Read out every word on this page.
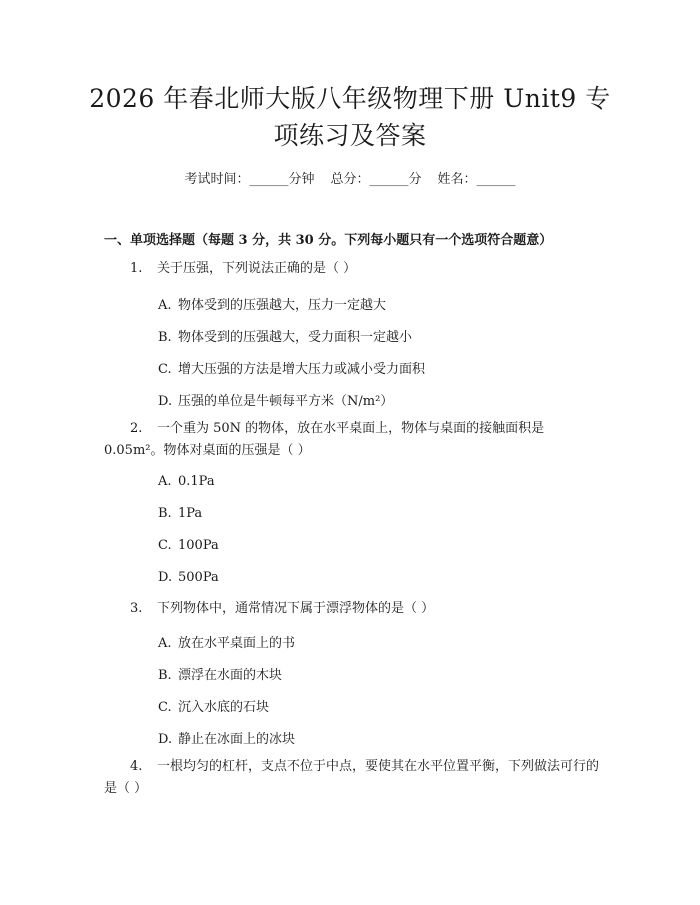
2026 年春北师大版八年级物理下册 Unit9 专项练习及答案
考试时间：______分钟 总分：______分 姓名：______
一、单项选择题（每题 3 分，共 30 分。下列每小题只有一个选项符合题意）
1. 关于压强，下列说法正确的是（ ）
A. 物体受到的压强越大，压力一定越大
B. 物体受到的压强越大，受力面积一定越小
C. 增大压强的方法是增大压力或减小受力面积
D. 压强的单位是牛顿每平方米（N/m²）
2. 一个重为 50N 的物体，放在水平桌面上，物体与桌面的接触面积是 0.05m²。物体对桌面的压强是（ ）
A. 0.1Pa
B. 1Pa
C. 100Pa
D. 500Pa
3. 下列物体中，通常情况下属于漂浮物体的是（ ）
A. 放在水平桌面上的书
B. 漂浮在水面的木块
C. 沉入水底的石块
D. 静止在冰面上的冰块
4. 一根均匀的杠杆，支点不位于中点，要使其在水平位置平衡，下列做法可行的是（ ）
